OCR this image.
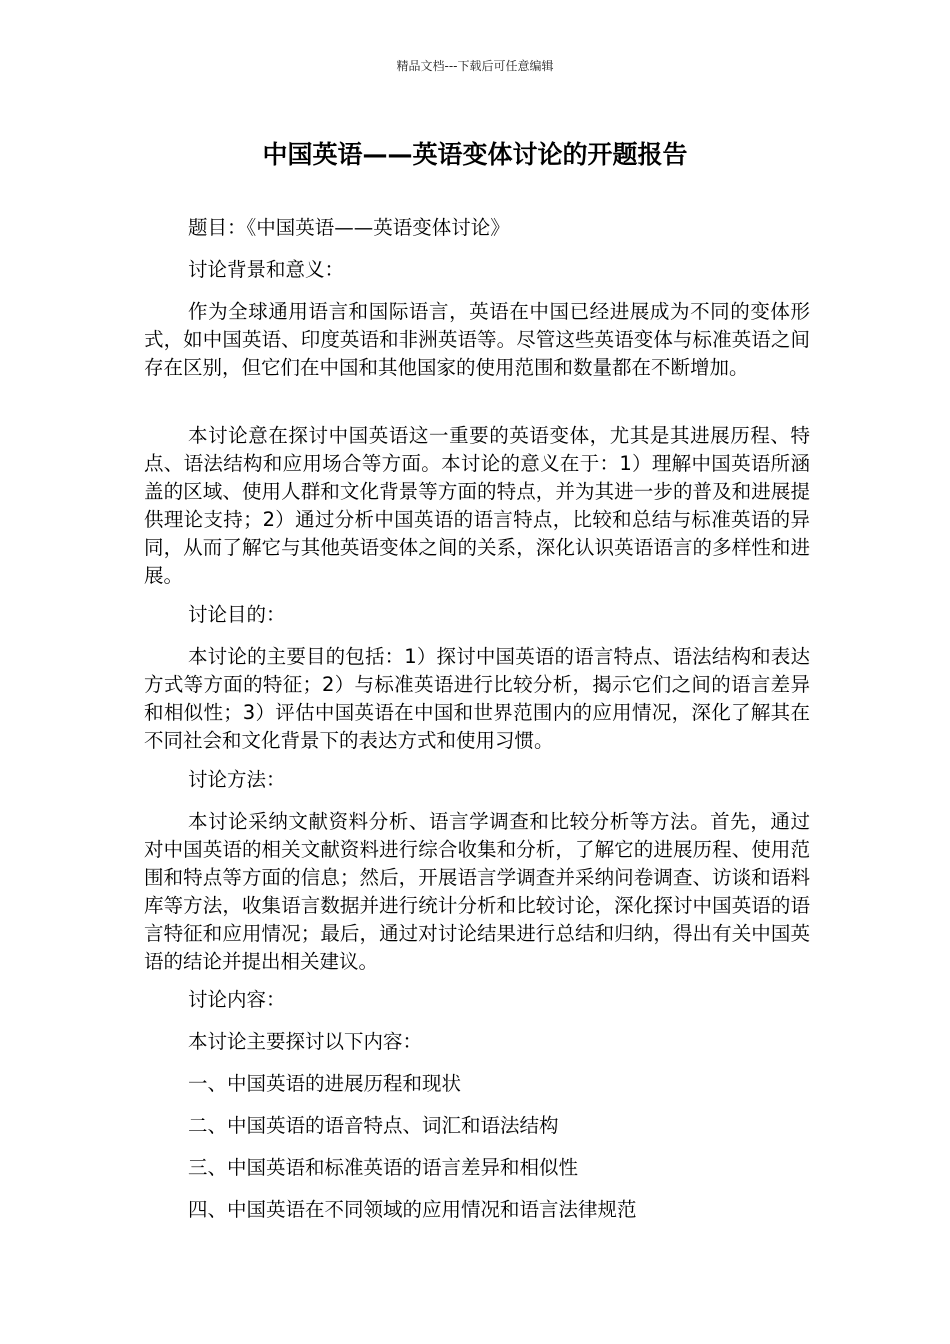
精品文档---下载后可任意编辑
中国英语——英语变体讨论的开题报告

题目：《中国英语——英语变体讨论》

讨论背景和意义：

作为全球通用语言和国际语言，英语在中国已经进展成为不同的变体形式，如中国英语、印度英语和非洲英语等。尽管这些英语变体与标准英语之间存在区别，但它们在中国和其他国家的使用范围和数量都在不断增加。

本讨论意在探讨中国英语这一重要的英语变体，尤其是其进展历程、特点、语法结构和应用场合等方面。本讨论的意义在于：1）理解中国英语所涵盖的区域、使用人群和文化背景等方面的特点，并为其进一步的普及和进展提供理论支持；2）通过分析中国英语的语言特点，比较和总结与标准英语的异同，从而了解它与其他英语变体之间的关系，深化认识英语语言的多样性和进展。

讨论目的：

本讨论的主要目的包括：1）探讨中国英语的语言特点、语法结构和表达方式等方面的特征；2）与标准英语进行比较分析，揭示它们之间的语言差异和相似性；3）评估中国英语在中国和世界范围内的应用情况，深化了解其在不同社会和文化背景下的表达方式和使用习惯。

讨论方法：

本讨论采纳文献资料分析、语言学调查和比较分析等方法。首先，通过对中国英语的相关文献资料进行综合收集和分析，了解它的进展历程、使用范围和特点等方面的信息；然后，开展语言学调查并采纳问卷调查、访谈和语料库等方法，收集语言数据并进行统计分析和比较讨论，深化探讨中国英语的语言特征和应用情况；最后，通过对讨论结果进行总结和归纳，得出有关中国英语的结论并提出相关建议。

讨论内容：

本讨论主要探讨以下内容：

一、中国英语的进展历程和现状

二、中国英语的语音特点、词汇和语法结构

三、中国英语和标准英语的语言差异和相似性

四、中国英语在不同领域的应用情况和语言法律规范
